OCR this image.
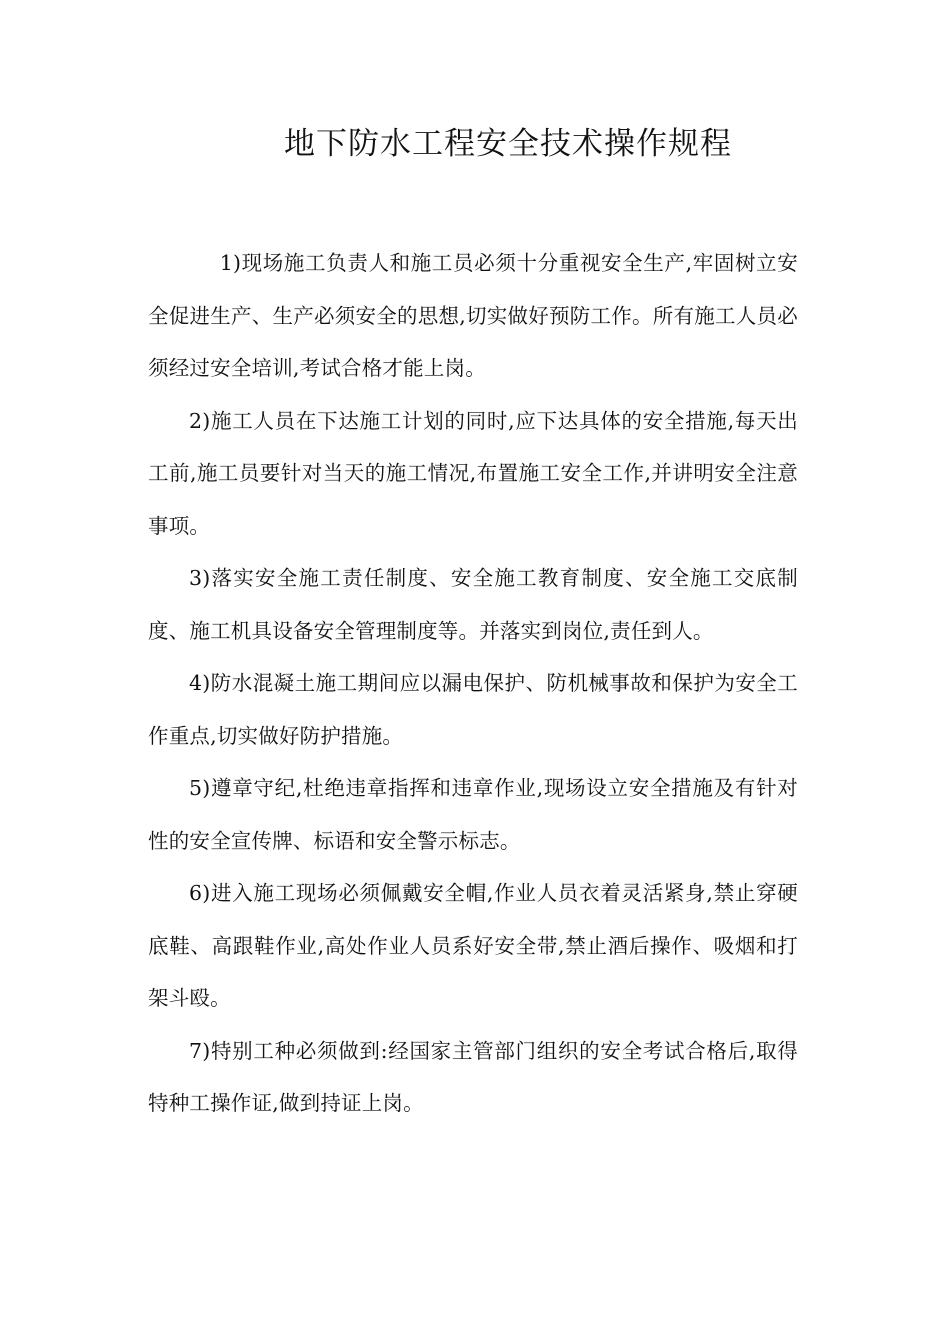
地下防水工程安全技术操作规程

1)现场施工负责人和施工员必须十分重视安全生产,牢固树立安全促进生产、生产必须安全的思想,切实做好预防工作。所有施工人员必须经过安全培训,考试合格才能上岗。

2)施工人员在下达施工计划的同时,应下达具体的安全措施,每天出工前,施工员要针对当天的施工情况,布置施工安全工作,并讲明安全注意事项。

3)落实安全施工责任制度、安全施工教育制度、安全施工交底制度、施工机具设备安全管理制度等。并落实到岗位,责任到人。

4)防水混凝土施工期间应以漏电保护、防机械事故和保护为安全工作重点,切实做好防护措施。

5)遵章守纪,杜绝违章指挥和违章作业,现场设立安全措施及有针对性的安全宣传牌、标语和安全警示标志。

6)进入施工现场必须佩戴安全帽,作业人员衣着灵活紧身,禁止穿硬底鞋、高跟鞋作业,高处作业人员系好安全带,禁止酒后操作、吸烟和打架斗殴。

7)特别工种必须做到:经国家主管部门组织的安全考试合格后,取得特种工操作证,做到持证上岗。
